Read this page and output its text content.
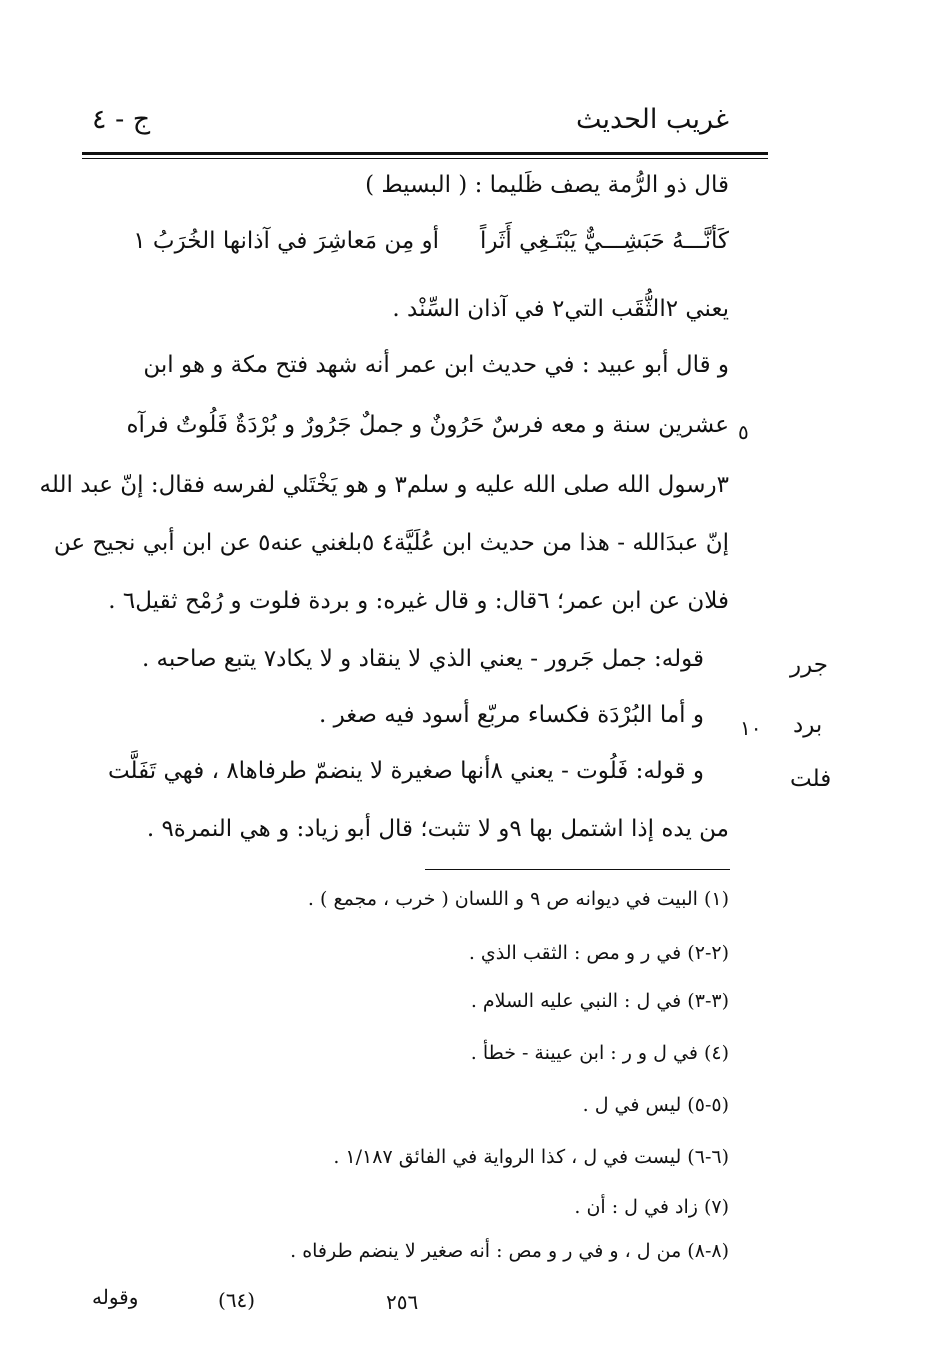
غريب الحديث
ج - ٤
قال ذو الرُّمة يصف ظَليما : ( البسيط )
كَأنَّـــهُ حَبَشِـــيٌّ يَبْتَـغِي أَثَراً
أو مِن مَعاشِرَ في آذانها الخُرَبُ ١
يعني ٢الثُّقَب التي٢ في آذان السِّنْد .
و قال أبو عبيد : في حديث ابن عمر أنه شهد فتح مكة و هو ابن
عشرين سنة و معه فرسٌ حَرُونٌ و جملٌ جَرُورٌ و بُرْدَةٌ فَلُوتٌ فرآه
٣رسول الله صلى الله عليه و سلم٣ و هو يَخْتَلي لفرسه فقال: إنّ عبد الله
إنّ عبدَالله - هذا من حديث ابن عُلَيَّة٤ ٥بلغني عنه٥ عن ابن أبي نجيح عن
فلان عن ابن عمر؛ ٦قال: و قال غيره: و بردة فلوت و رُمْح ثقيل٦ .
قوله: جمل جَرور - يعني الذي لا ينقاد و لا يكاد٧ يتبع صاحبه .
و أما البُرْدَة فكساء مربّع أسود فيه صغر .
و قوله: فَلُوت - يعني ٨أنها صغيرة لا ينضمّ طرفاها٨ ، فهي تَفَلَّت
من يده إذا اشتمل بها ٩و لا تثبت؛ قال أبو زياد: و هي النمرة٩ .
٥
١٠
جرر
برد
فلت
(١) البيت في ديوانه ص ٩ و اللسان ( خرب ، مجمع ) .
(٢-٢) في ر و مص : الثقب الذي .
(٣-٣) في ل : النبي عليه السلام .
(٤) في ل و ر : ابن عيينة - خطأ .
(٥-٥) ليس في ل .
(٦-٦) ليست في ل ، كذا الرواية في الفائق ١/١٨٧ .
(٧) زاد في ل : أن .
(٨-٨) من ل ، و في ر و مص : أنه صغير لا ينضم طرفاه .
وقوله	(٦٤)	٢٥٦
